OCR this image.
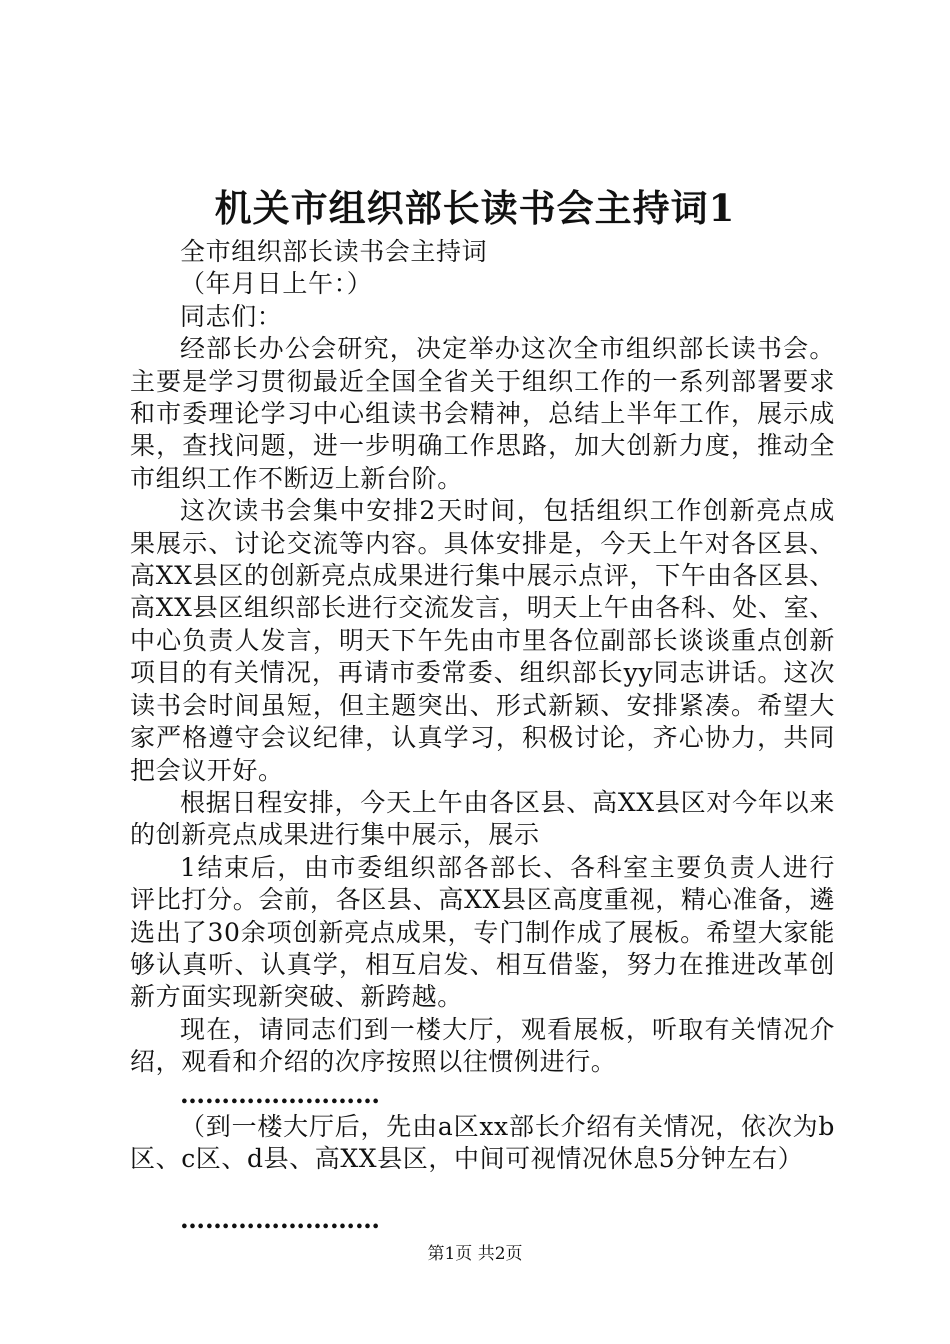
机关市组织部长读书会主持词1

全市组织部长读书会主持词

（年月日上午：）

同志们：

经部长办公会研究，决定举办这次全市组织部长读书会。主要是学习贯彻最近全国全省关于组织工作的一系列部署要求和市委理论学习中心组读书会精神，总结上半年工作，展示成果，查找问题，进一步明确工作思路，加大创新力度，推动全市组织工作不断迈上新台阶。

这次读书会集中安排2天时间，包括组织工作创新亮点成果展示、讨论交流等内容。具体安排是，今天上午对各区县、高XX县区的创新亮点成果进行集中展示点评，下午由各区县、高XX县区组织部长进行交流发言，明天上午由各科、处、室、中心负责人发言，明天下午先由市里各位副部长谈谈重点创新项目的有关情况，再请市委常委、组织部长yy同志讲话。这次读书会时间虽短，但主题突出、形式新颖、安排紧凑。希望大家严格遵守会议纪律，认真学习，积极讨论，齐心协力，共同把会议开好。

根据日程安排，今天上午由各区县、高XX县区对今年以来的创新亮点成果进行集中展示，展示

1结束后，由市委组织部各部长、各科室主要负责人进行评比打分。会前，各区县、高XX县区高度重视，精心准备，遴选出了30余项创新亮点成果，专门制作成了展板。希望大家能够认真听、认真学，相互启发、相互借鉴，努力在推进改革创新方面实现新突破、新跨越。

现在，请同志们到一楼大厅，观看展板，听取有关情况介绍，观看和介绍的次序按照以往惯例进行。

……………………

（到一楼大厅后，先由a区xx部长介绍有关情况，依次为b区、c区、d县、高XX县区，中间可视情况休息5分钟左右）

……………………

第1页 共2页
